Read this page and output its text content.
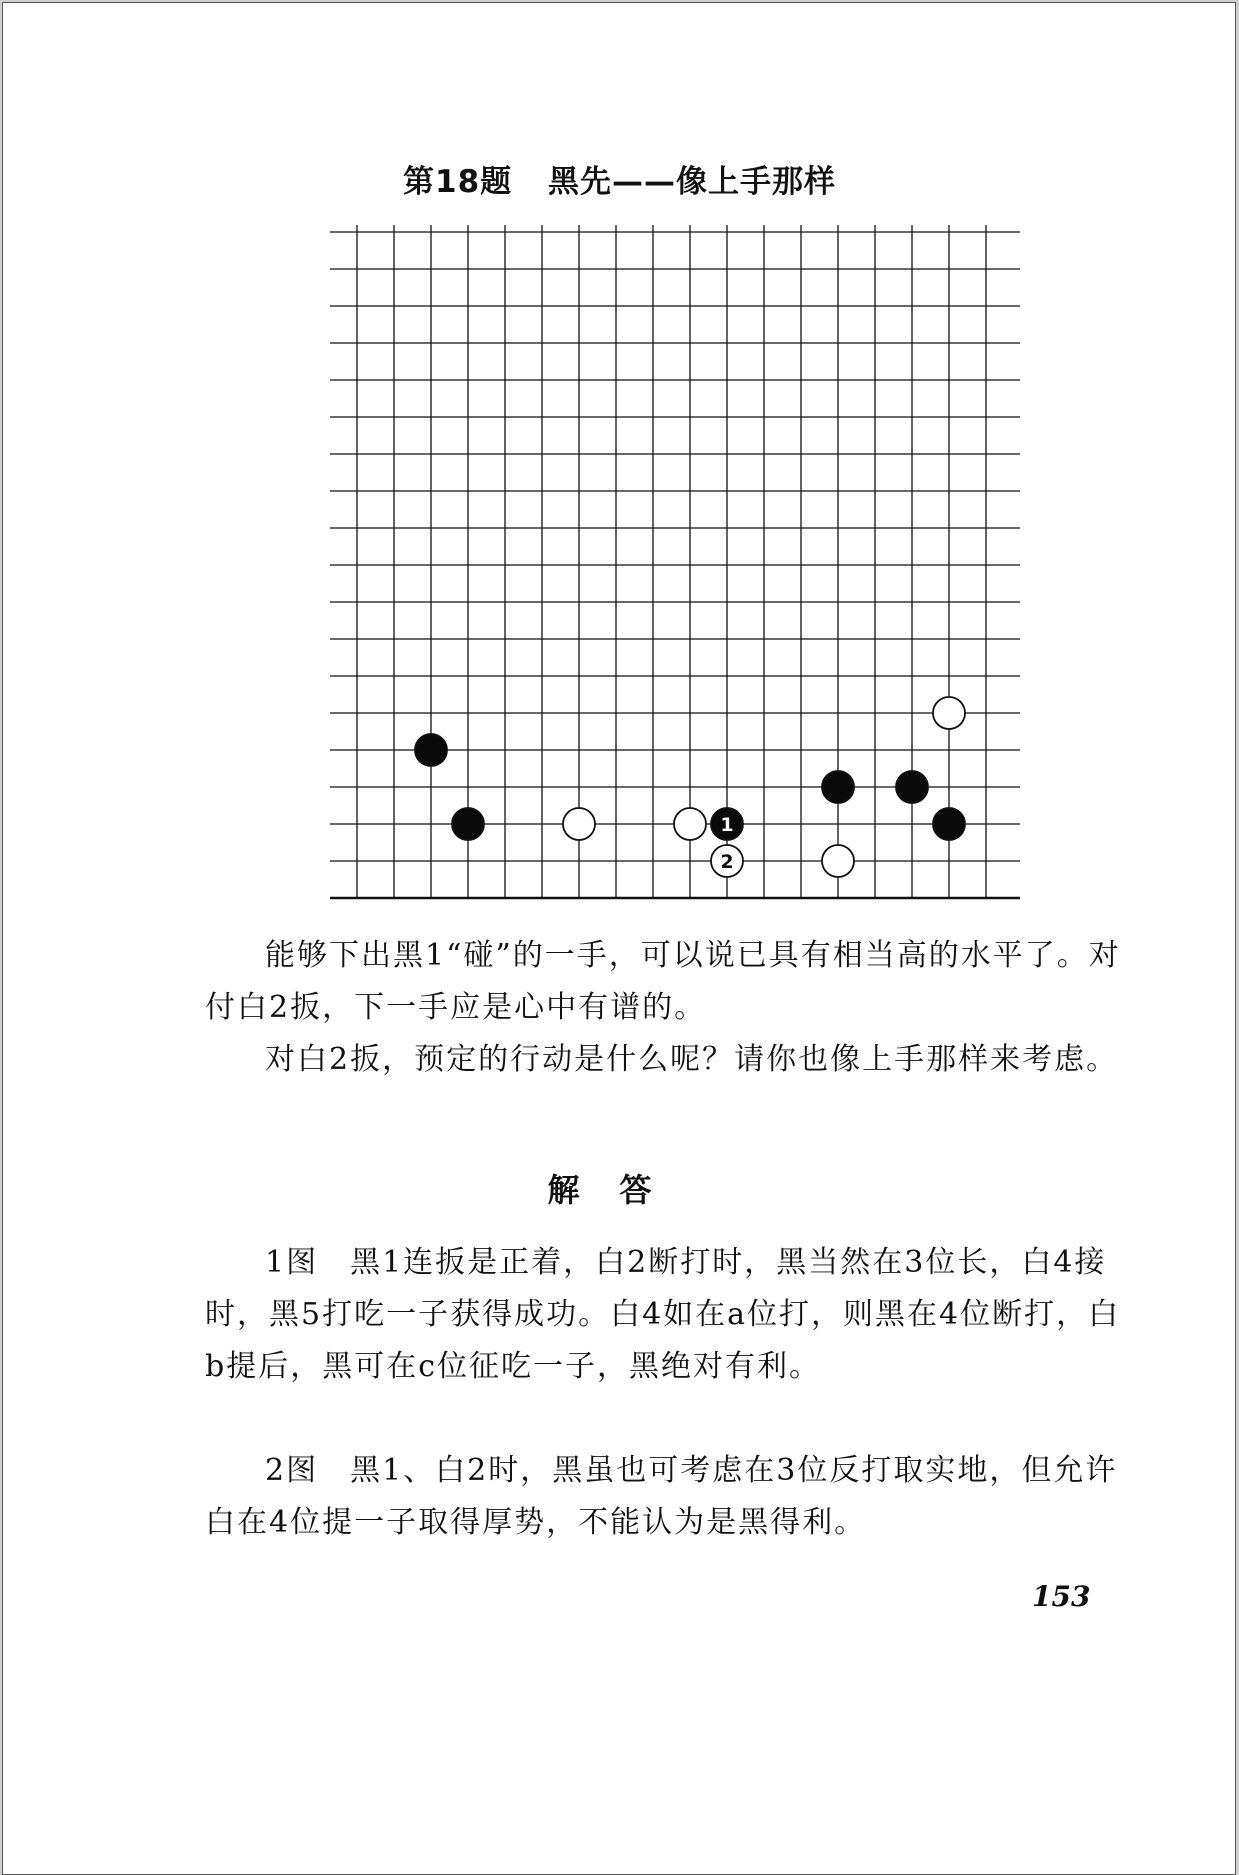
第18题 黑先——像上手那样
1
2

能够下出黑1“碰”的一手，可以说已具有相当高的水平了。对付白2扳，下一手应是心中有谱的。

对白2扳，预定的行动是什么呢？请你也像上手那样来考虑。

解答

1图　黑1连扳是正着，白2断打时，黑当然在3位长，白4接时，黑5打吃一子获得成功。白4如在a位打，则黑在4位断打，白b提后，黑可在c位征吃一子，黑绝对有利。

2图　黑1、白2时，黑虽也可考虑在3位反打取实地，但允许白在4位提一子取得厚势，不能认为是黑得利。

153
